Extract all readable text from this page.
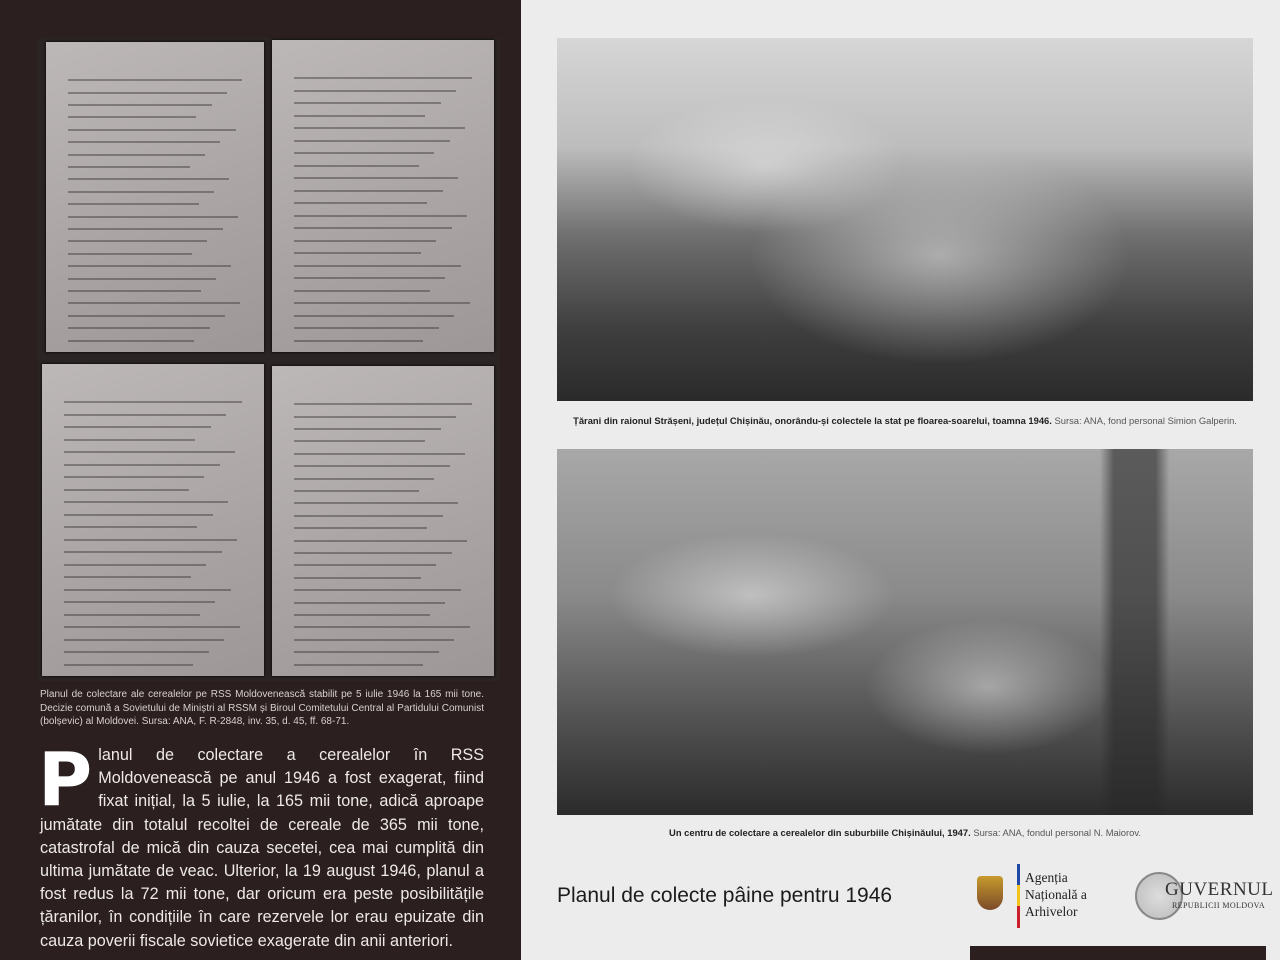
Planul de colectare ale cerealelor pe RSS Moldovenească stabilit pe 5 iulie 1946 la 165 mii tone. Decizie comună a Sovietului de Miniștri al RSSM și Biroul Comitetului Central al Partidului Comunist (bolșevic) al Moldovei. Sursa: ANA, F. R-2848, inv. 35, d. 45, ff. 68-71.
P lanul de colectare a cerealelor în RSS Moldovenească pe anul 1946 a fost exagerat, fiind fixat inițial, la 5 iulie, la 165 mii tone, adică aproape jumătate din totalul recoltei de cereale de 365 mii tone, catastrofal de mică din cauza secetei, cea mai cumplită din ultima jumătate de veac. Ulterior, la 19 august 1946, planul a fost redus la 72 mii tone, dar oricum era peste posibilitățile țăranilor, în condițiile în care rezervele lor erau epuizate din cauza poverii fiscale sovietice exagerate din anii anteriori.
Țărani din raionul Strășeni, județul Chișinău, onorându-și colectele la stat pe floarea-soarelui, toamna 1946. Sursa: ANA, fond personal Simion Galperin.
Un centru de colectare a cerealelor din suburbiile Chișinăului, 1947. Sursa: ANA, fondul personal N. Maiorov.
Planul de colecte pâine pentru 1946
Agenția
Națională a
Arhivelor
GUVERNUL
REPUBLICII MOLDOVA
